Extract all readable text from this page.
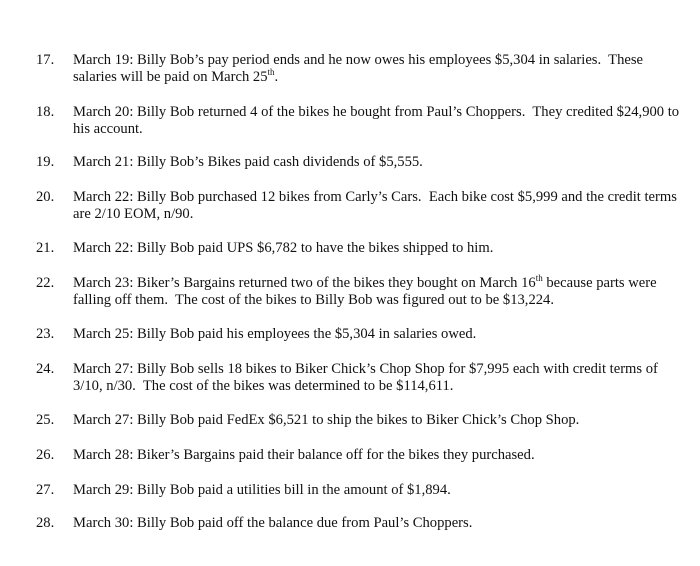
17.	March 19: Billy Bob’s pay period ends and he now owes his employees $5,304 in salaries.  These salaries will be paid on March 25th.
18.	March 20: Billy Bob returned 4 of the bikes he bought from Paul’s Choppers.  They credited $24,900 to his account.
19.	March 21: Billy Bob’s Bikes paid cash dividends of $5,555.
20.	March 22: Billy Bob purchased 12 bikes from Carly’s Cars.  Each bike cost $5,999 and the credit terms are 2/10 EOM, n/90.
21.	March 22: Billy Bob paid UPS $6,782 to have the bikes shipped to him.
22.	March 23: Biker’s Bargains returned two of the bikes they bought on March 16th because parts were falling off them.  The cost of the bikes to Billy Bob was figured out to be $13,224.
23.	March 25: Billy Bob paid his employees the $5,304 in salaries owed.
24.	March 27: Billy Bob sells 18 bikes to Biker Chick’s Chop Shop for $7,995 each with credit terms of 3/10, n/30.  The cost of the bikes was determined to be $114,611.
25.	March 27: Billy Bob paid FedEx $6,521 to ship the bikes to Biker Chick’s Chop Shop.
26.	March 28: Biker’s Bargains paid their balance off for the bikes they purchased.
27.	March 29: Billy Bob paid a utilities bill in the amount of $1,894.
28.	March 30: Billy Bob paid off the balance due from Paul’s Choppers.
